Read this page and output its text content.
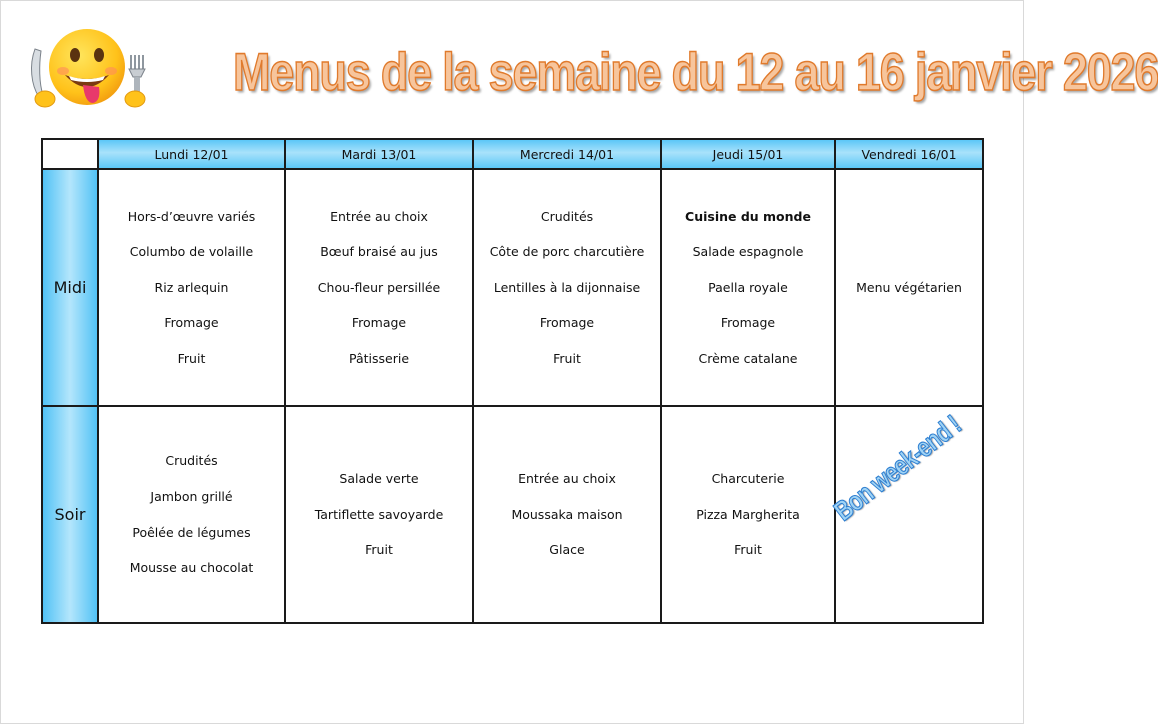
Menus de la semaine du 12 au 16 janvier 2026
	Lundi 12/01	Mardi 13/01	Mercredi 14/01	Jeudi 15/01	Vendredi 16/01
Midi	Hors-d’œuvre variés
Columbo de volaille
Riz arlequin
Fromage
Fruit	Entrée au choix
Bœuf braisé au jus
Chou-fleur persillée
Fromage
Pâtisserie	Crudités
Côte de porc charcutière
Lentilles à la dijonnaise
Fromage
Fruit	Cuisine du monde
Salade espagnole
Paella royale
Fromage
Crème catalane	Menu végétarien

Soir	Crudités
Jambon grillé
Poêlée de légumes
Mousse au chocolat	Salade verte
Tartiflette savoyarde
Fruit	Entrée au choix
Moussaka maison
Glace	Charcuterie
Pizza Margherita
Fruit	Bon week-end !
